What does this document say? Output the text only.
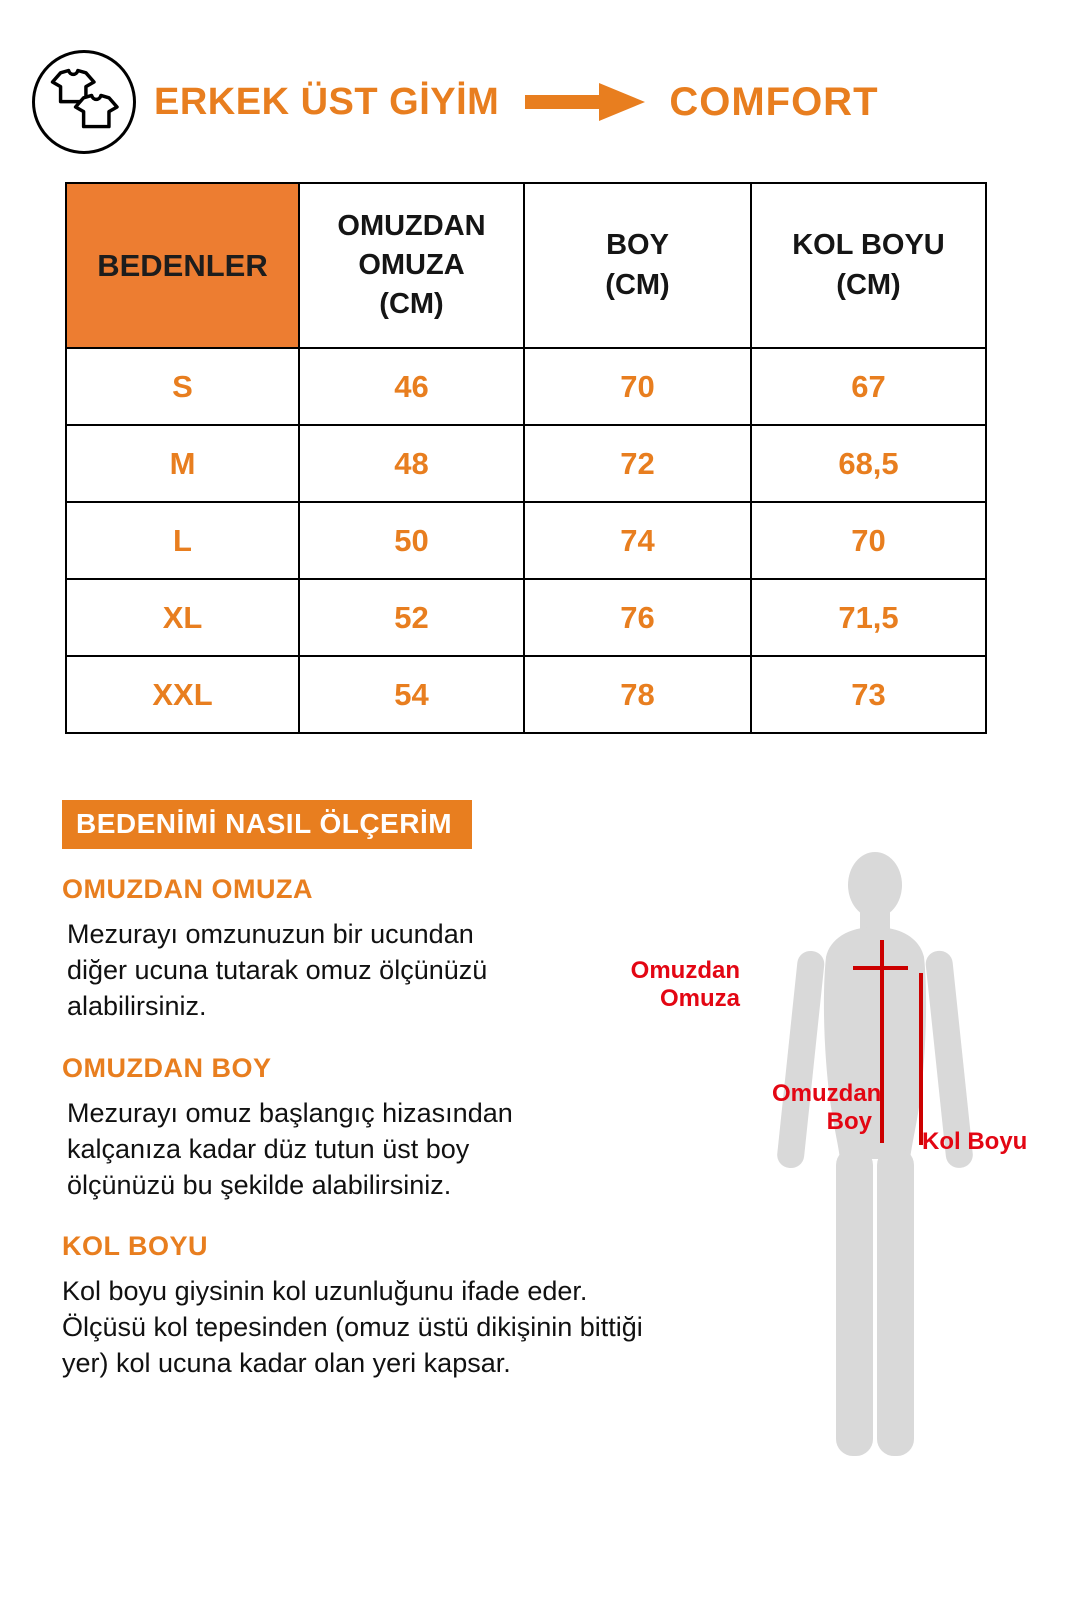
ERKEK ÜST GİYİM	COMFORT
BEDENLER	OMUZDAN OMUZA (CM)	BOY (CM)	KOL BOYU (CM)

S	46	70	67
M	48	72	68,5
L	50	74	70
XL	52	76	71,5
XXL	54	78	73
BEDENİMİ NASIL ÖLÇERİM
OMUZDAN OMUZA
Mezurayı omzunuzun bir ucundan diğer ucuna tutarak omuz ölçünüzü alabilirsiniz.
OMUZDAN BOY
Mezurayı omuz başlangıç hizasından kalçanıza kadar düz tutun üst boy ölçünüzü bu şekilde alabilirsiniz.
KOL BOYU
Kol boyu giysinin kol uzunluğunu ifade eder. Ölçüsü kol tepesinden (omuz üstü dikişinin bittiği yer) kol ucuna kadar olan yeri kapsar.
Omuzdan Omuza
Omuzdan Boy
Kol Boyu
